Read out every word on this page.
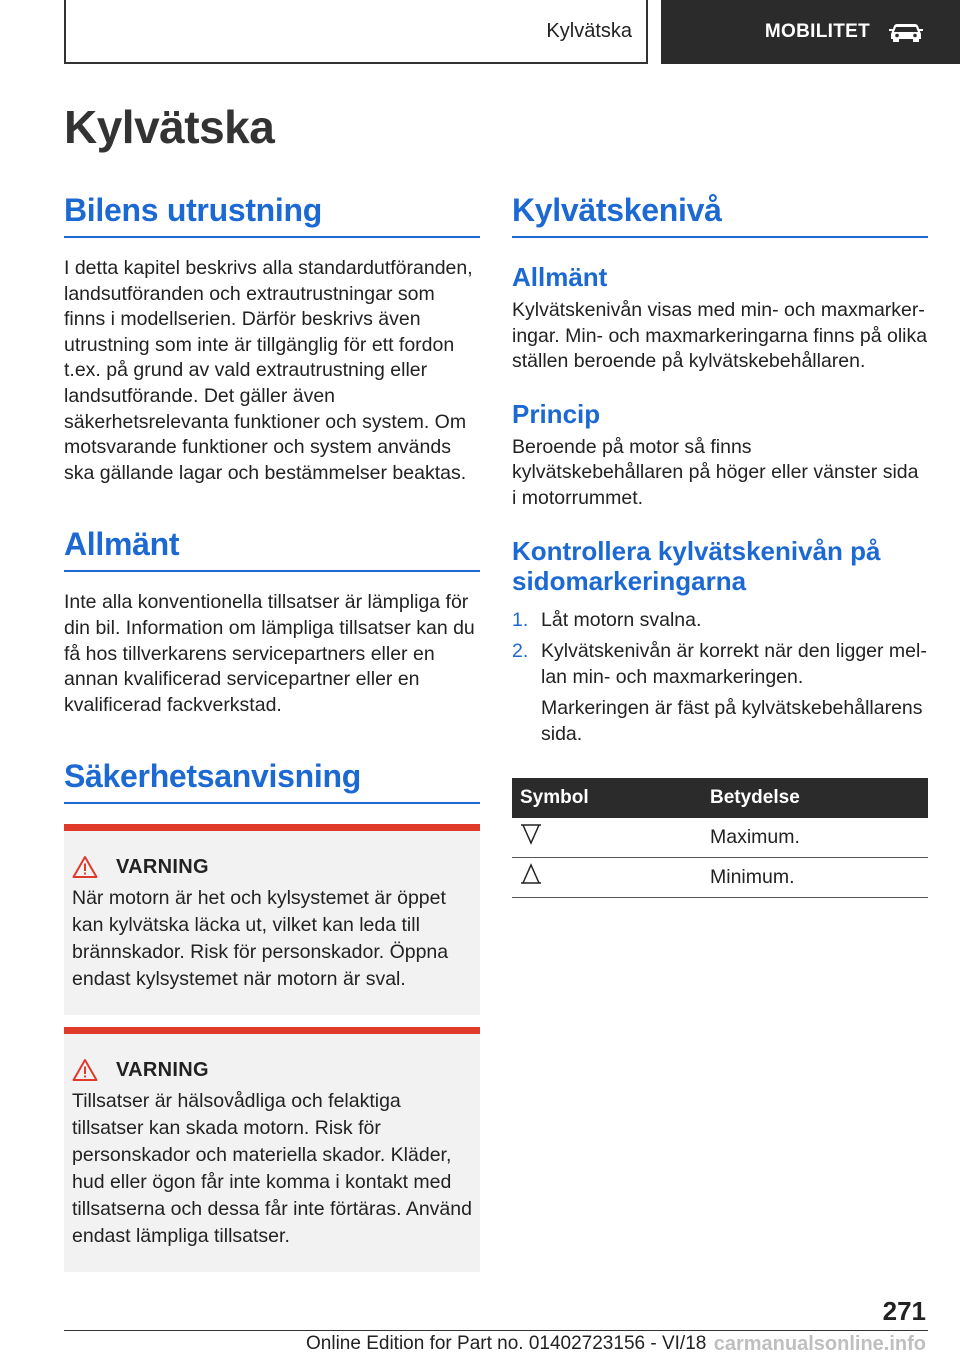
Kylvätska	MOBILITET
Kylvätska
Bilens utrustning

I detta kapitel beskrivs alla standardutföranden, landsutföranden och extrautrustningar som finns i modellserien. Därför beskrivs även utrustning som inte är tillgänglig för ett fordon t.ex. på grund av vald extrautrustning eller landsutförande. Det gäller även säkerhetsrelevanta funktioner och system. Om motsvarande funktioner och system används ska gällande lagar och bestämmelser beaktas.

Allmänt

Inte alla konventionella tillsatser är lämpliga för din bil. Information om lämpliga tillsatser kan du få hos tillverkarens servicepartners eller en annan kvalificerad servicepartner eller en kvalificerad fackverkstad.

Säkerhetsanvisning
VARNING

När motorn är het och kylsystemet är öppet kan kylvätska läcka ut, vilket kan leda till brännskador. Risk för personskador. Öppna endast kylsystemet när motorn är sval.

VARNING

Tillsatser är hälsovådliga och felaktiga tillsatser kan skada motorn. Risk för personskador och materiella skador. Kläder, hud eller ögon får inte komma i kontakt med tillsatserna och dessa får inte förtäras. Använd endast lämpliga tillsatser.

Kylvätskenivå
Allmänt

Kylvätskenivån visas med min- och maxmarkeringar. Min- och maxmarkeringarna finns på olika ställen beroende på kylvätskebehållaren.

Princip

Beroende på motor så finns kylvätskebehållaren på höger eller vänster sida i motorrummet.

Kontrollera kylvätskenivån på sidomarkeringarna
1. Låt motorn svalna.
2. Kylvätskenivån är korrekt när den ligger mellan min- och maxmarkeringen.
Markeringen är fäst på kylvätskebehållarens sida.
Symbol	Betydelse
	Maximum.
	Minimum.
271
Online Edition for Part no. 01402723156 - VI/18 carmanualsonline.info
